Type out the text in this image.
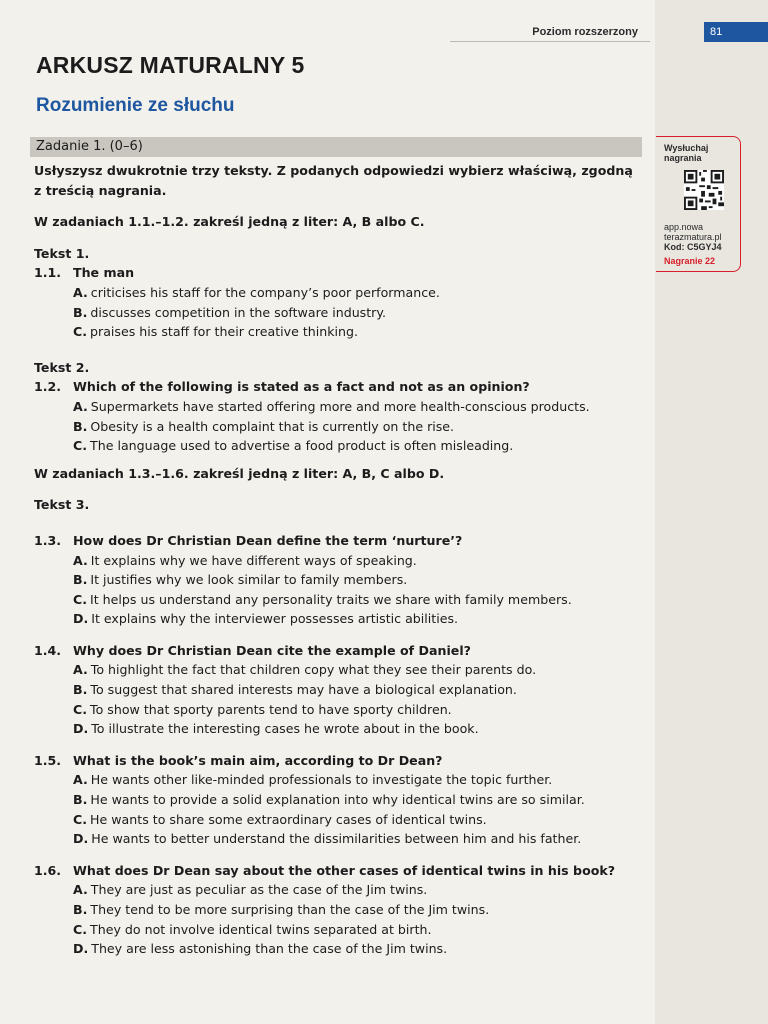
Poziom rozszerzony	81
ARKUSZ MATURALNY 5
Rozumienie ze słuchu
Zadanie 1. (0–6)

Usłyszysz dwukrotnie trzy teksty. Z podanych odpowiedzi wybierz właściwą, zgodną z treścią nagrania.

W zadaniach 1.1.–1.2. zakreśl jedną z liter: A, B albo C.

Tekst 1.

1.1. The man
A. criticises his staff for the company’s poor performance.
B. discusses competition in the software industry.
C. praises his staff for their creative thinking.

Tekst 2.

1.2. Which of the following is stated as a fact and not as an opinion?
A. Supermarkets have started offering more and more health-conscious products.
B. Obesity is a health complaint that is currently on the rise.
C. The language used to advertise a food product is often misleading.

W zadaniach 1.3.–1.6. zakreśl jedną z liter: A, B, C albo D.

Tekst 3.

1.3. How does Dr Christian Dean define the term ‘nurture’?
A. It explains why we have different ways of speaking.
B. It justifies why we look similar to family members.
C. It helps us understand any personality traits we share with family members.
D. It explains why the interviewer possesses artistic abilities.
1.4. Why does Dr Christian Dean cite the example of Daniel?
A. To highlight the fact that children copy what they see their parents do.
B. To suggest that shared interests may have a biological explanation.
C. To show that sporty parents tend to have sporty children.
D. To illustrate the interesting cases he wrote about in the book.
1.5. What is the book’s main aim, according to Dr Dean?
A. He wants other like-minded professionals to investigate the topic further.
B. He wants to provide a solid explanation into why identical twins are so similar.
C. He wants to share some extraordinary cases of identical twins.
D. He wants to better understand the dissimilarities between him and his father.
1.6. What does Dr Dean say about the other cases of identical twins in his book?
A. They are just as peculiar as the case of the Jim twins.
B. They tend to be more surprising than the case of the Jim twins.
C. They do not involve identical twins separated at birth.
D. They are less astonishing than the case of the Jim twins.
Wysłuchaj nagrania
app.nowa terazmatura.pl
Kod: C5GYJ4
Nagranie 22
